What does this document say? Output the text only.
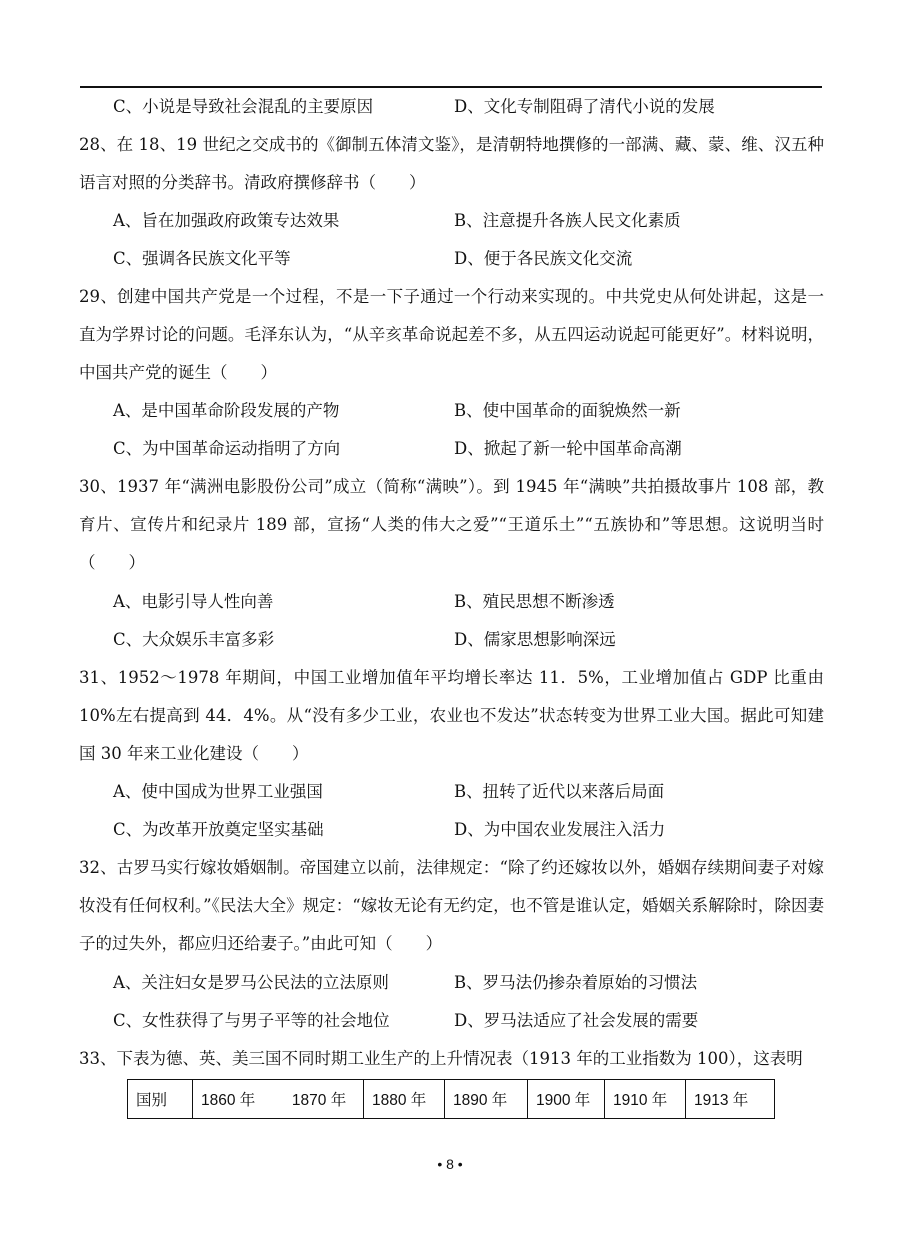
C、小说是导致社会混乱的主要原因	D、文化专制阻碍了清代小说的发展
28、在 18、19 世纪之交成书的《御制五体清文鉴》，是清朝特地撰修的一部满、藏、蒙、维、汉五种语言对照的分类辞书。清政府撰修辞书（　　）
A、旨在加强政府政策专达效果	B、注意提升各族人民文化素质
C、强调各民族文化平等	D、便于各民族文化交流
29、创建中国共产党是一个过程，不是一下子通过一个行动来实现的。中共党史从何处讲起，这是一直为学界讨论的问题。毛泽东认为，“从辛亥革命说起差不多，从五四运动说起可能更好”。材料说明，中国共产党的诞生（　　）
A、是中国革命阶段发展的产物	B、使中国革命的面貌焕然一新
C、为中国革命运动指明了方向	D、掀起了新一轮中国革命高潮
30、1937 年“满洲电影股份公司”成立（简称“满映”）。到 1945 年“满映”共拍摄故事片 108 部，教育片、宣传片和纪录片 189 部，宣扬“人类的伟大之爱”“王道乐土”“五族协和”等思想。这说明当时（　　）
A、电影引导人性向善	B、殖民思想不断渗透
C、大众娱乐丰富多彩	D、儒家思想影响深远
31、1952～1978 年期间，中国工业增加值年平均增长率达 11．5%，工业增加值占 GDP 比重由 10%左右提高到 44．4%。从“没有多少工业，农业也不发达”状态转变为世界工业大国。据此可知建国 30 年来工业化建设（　　）
A、使中国成为世界工业强国	B、扭转了近代以来落后局面
C、为改革开放奠定坚实基础	D、为中国农业发展注入活力
32、古罗马实行嫁妆婚姻制。帝国建立以前，法律规定：“除了约还嫁妆以外，婚姻存续期间妻子对嫁妆没有任何权利。”《民法大全》规定：“嫁妆无论有无约定，也不管是谁认定，婚姻关系解除时，除因妻子的过失外，都应归还给妻子。”由此可知（　　）
A、关注妇女是罗马公民法的立法原则	B、罗马法仍掺杂着原始的习惯法
C、女性获得了与男子平等的社会地位	D、罗马法适应了社会发展的需要
33、下表为德、英、美三国不同时期工业生产的上升情况表（1913 年的工业指数为 100），这表明
国别	1860 年 1870 年	1880 年	1890 年	1900 年	1910 年	1913 年
• 8 •
